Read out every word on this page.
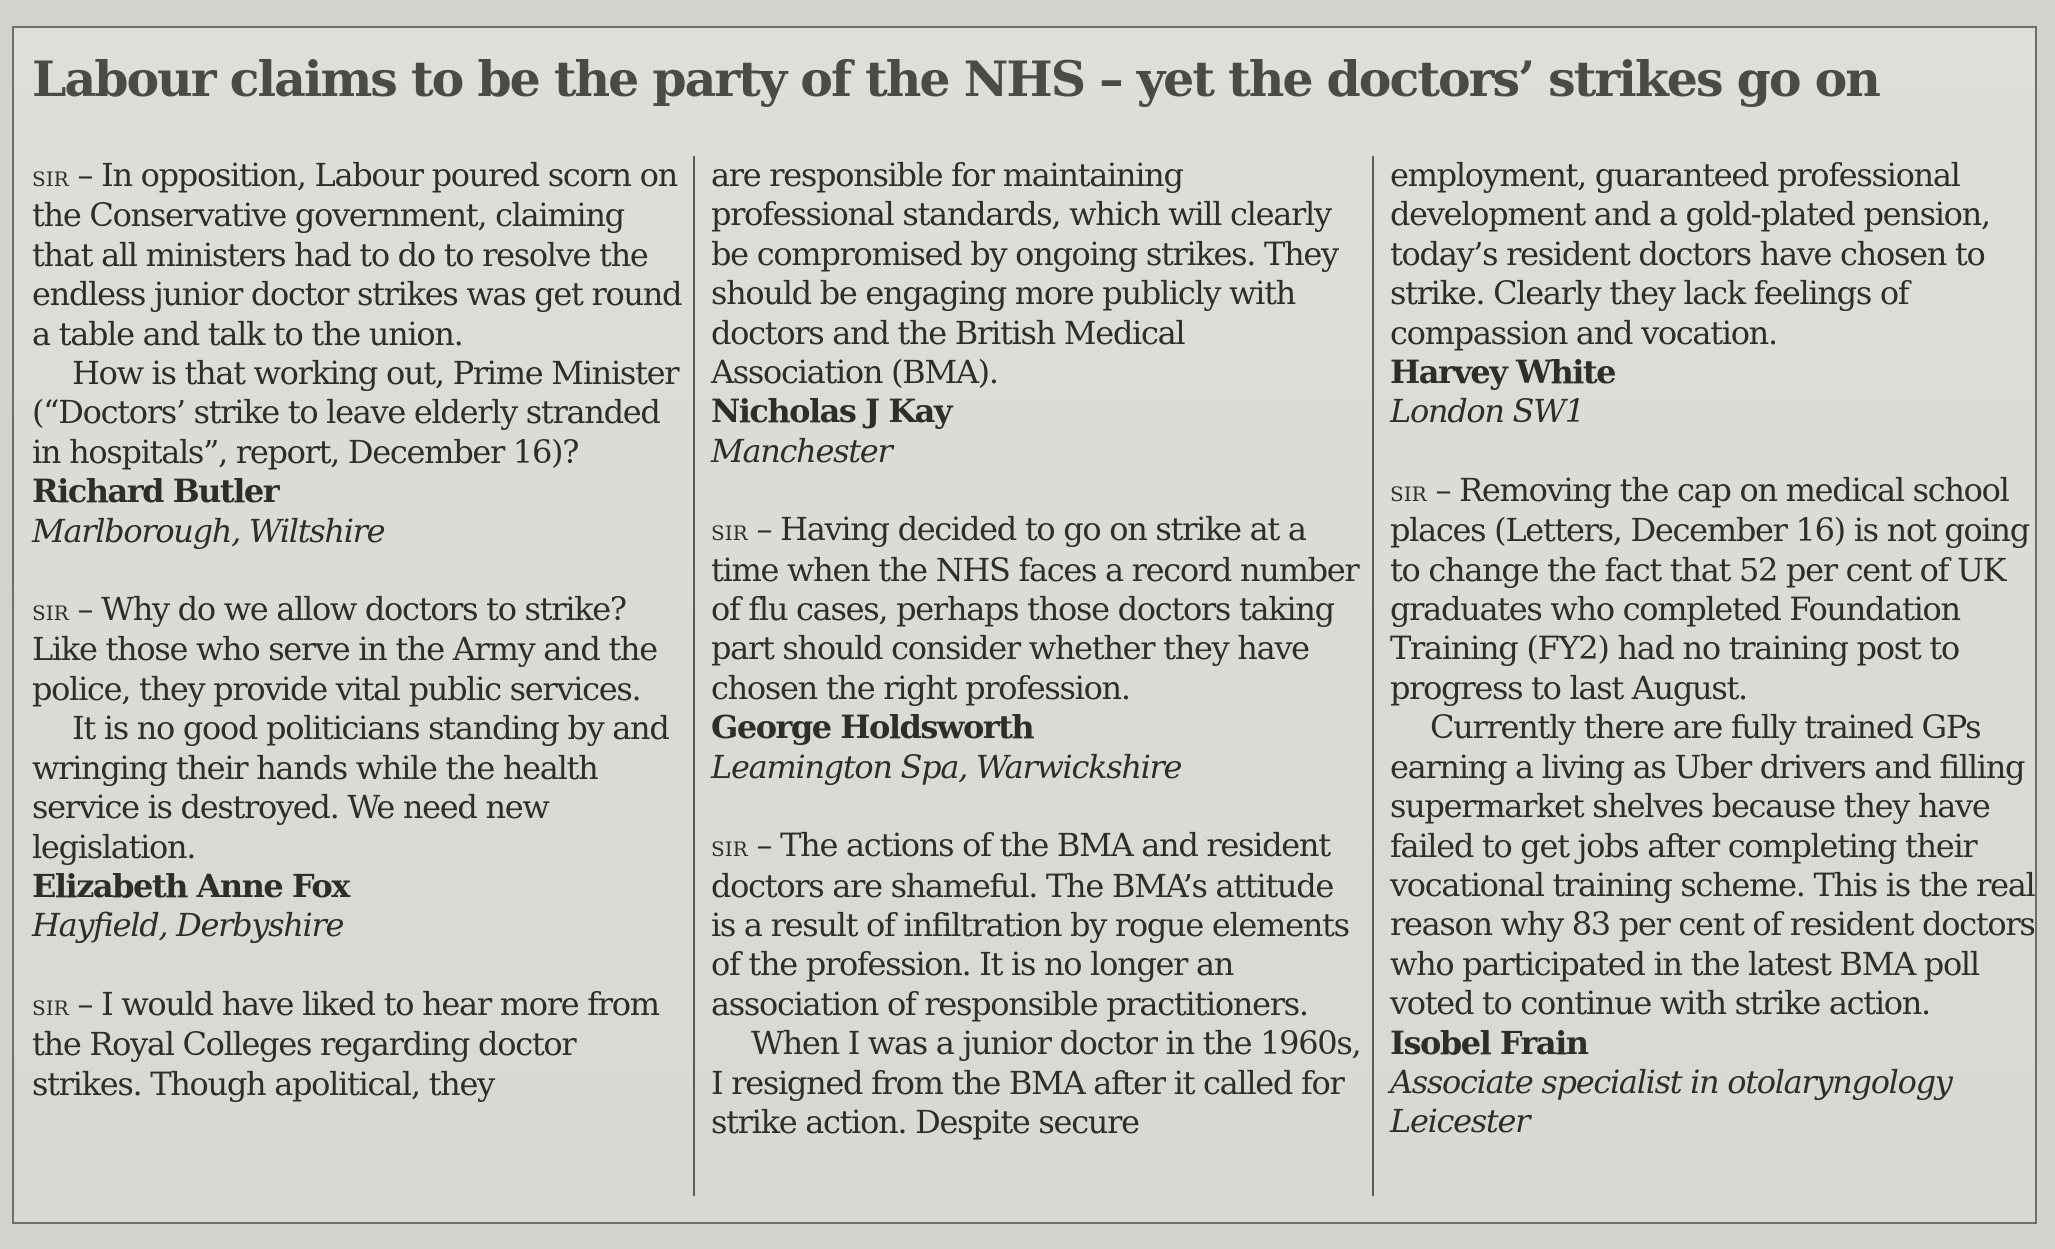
Labour claims to be the party of the NHS – yet the doctors’ strikes go on

sir – In opposition, Labour poured scorn on the Conservative government, claiming that all ministers had to do to resolve the endless junior doctor strikes was get round a table and talk to the union.

How is that working out, Prime Minister (“Doctors’ strike to leave elderly stranded in hospitals”, report, December 16)?

Richard Butler
Marlborough, Wiltshire

sir – Why do we allow doctors to strike? Like those who serve in the Army and the police, they provide vital public services.

It is no good politicians standing by and wringing their hands while the health service is destroyed. We need new legislation.

Elizabeth Anne Fox
Hayfield, Derbyshire

sir – I would have liked to hear more from the Royal Colleges regarding doctor strikes. Though apolitical, they

are responsible for maintaining professional standards, which will clearly be compromised by ongoing strikes. They should be engaging more publicly with doctors and the British Medical Association (BMA).

Nicholas J Kay
Manchester

sir – Having decided to go on strike at a time when the NHS faces a record number of flu cases, perhaps those doctors taking part should consider whether they have chosen the right profession.

George Holdsworth
Leamington Spa, Warwickshire

sir – The actions of the BMA and resident doctors are shameful. The BMA’s attitude is a result of infiltration by rogue elements of the profession. It is no longer an association of responsible practitioners.

When I was a junior doctor in the 1960s, I resigned from the BMA after it called for strike action. Despite secure

employment, guaranteed professional development and a gold-plated pension, today’s resident doctors have chosen to strike. Clearly they lack feelings of compassion and vocation.

Harvey White
London SW1

sir – Removing the cap on medical school places (Letters, December 16) is not going to change the fact that 52 per cent of UK graduates who completed Foundation Training (FY2) had no training post to progress to last August.

Currently there are fully trained GPs earning a living as Uber drivers and filling supermarket shelves because they have failed to get jobs after completing their vocational training scheme. This is the real reason why 83 per cent of resident doctors who participated in the latest BMA poll voted to continue with strike action.

Isobel Frain
Associate specialist in otolaryngology Leicester
